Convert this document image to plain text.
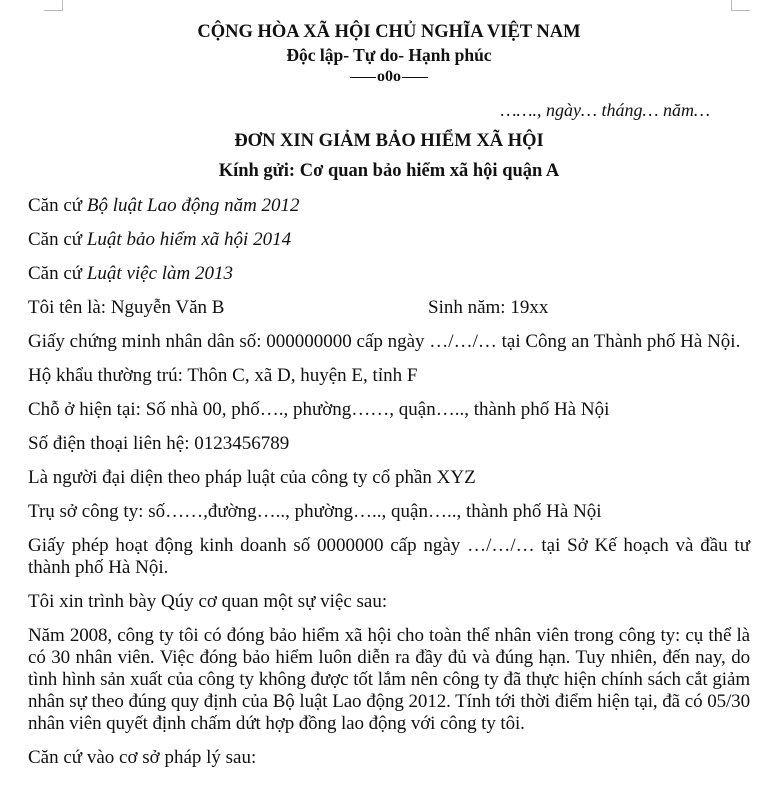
CỘNG HÒA XÃ HỘI CHỦ NGHĨA VIỆT NAM
Độc lập- Tự do- Hạnh phúc
o0o
……., ngày… tháng… năm…
ĐƠN XIN GIẢM BẢO HIỂM XÃ HỘI
Kính gửi: Cơ quan bảo hiểm xã hội quận A

Căn cứ Bộ luật Lao động năm 2012

Căn cứ Luật bảo hiểm xã hội 2014

Căn cứ Luật việc làm 2013

Tôi tên là: Nguyễn Văn B	Sinh năm: 19xx

Giấy chứng minh nhân dân số: 000000000 cấp ngày …/…/… tại Công an Thành phố Hà Nội.

Hộ khẩu thường trú: Thôn C, xã D, huyện E, tỉnh F

Chỗ ở hiện tại: Số nhà 00, phố…., phường……, quận….., thành phố Hà Nội

Số điện thoại liên hệ: 0123456789

Là người đại diện theo pháp luật của công ty cổ phần XYZ

Trụ sở công ty: số……,đường….., phường….., quận….., thành phố Hà Nội

Giấy phép hoạt động kinh doanh số 0000000 cấp ngày …/…/… tại Sở Kế hoạch và đầu tư thành phố Hà Nội.

Tôi xin trình bày Qúy cơ quan một sự việc sau:

Năm 2008, công ty tôi có đóng bảo hiểm xã hội cho toàn thể nhân viên trong công ty: cụ thể là có 30 nhân viên. Việc đóng bảo hiểm luôn diễn ra đầy đủ và đúng hạn. Tuy nhiên, đến nay, do tình hình sản xuất của công ty không được tốt lắm nên công ty đã thực hiện chính sách cắt giảm nhân sự theo đúng quy định của Bộ luật Lao động 2012. Tính tới thời điểm hiện tại, đã có 05/30 nhân viên quyết định chấm dứt hợp đồng lao động với công ty tôi.

Căn cứ vào cơ sở pháp lý sau:
